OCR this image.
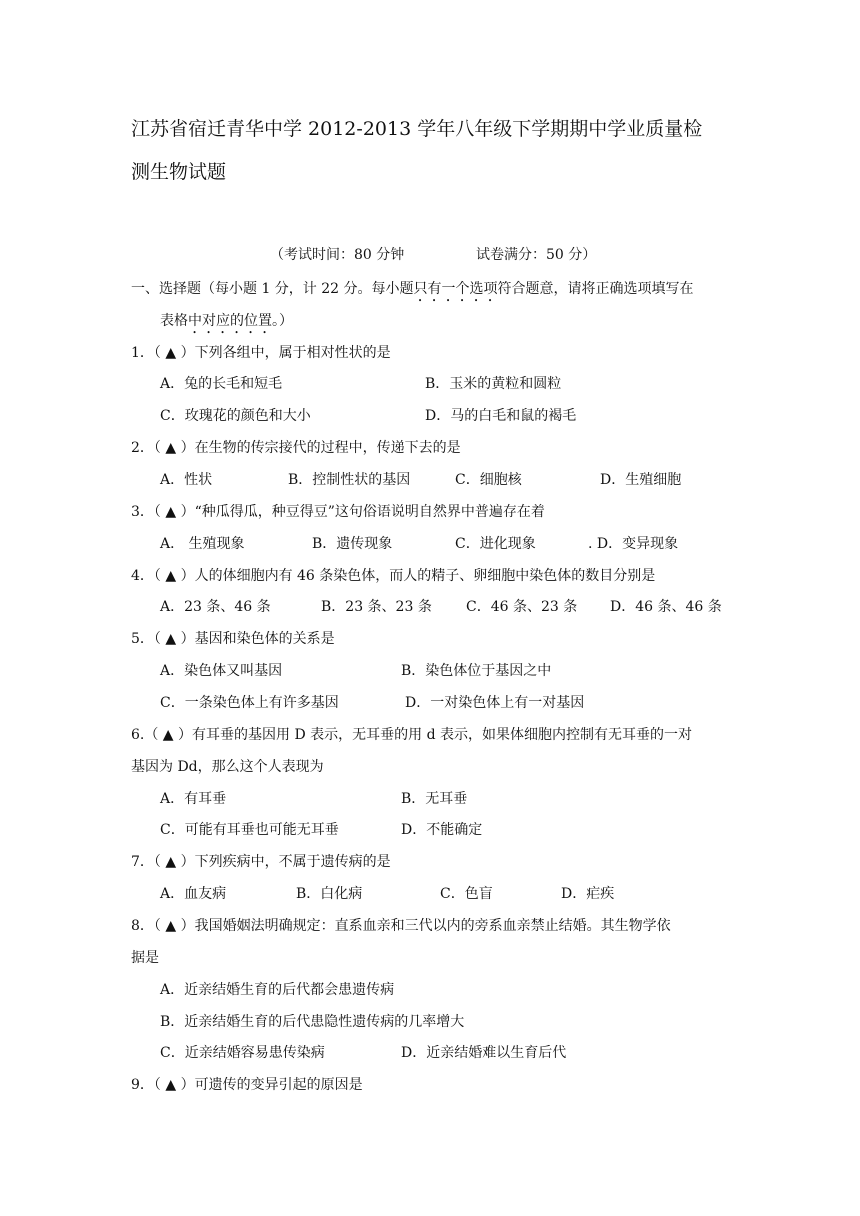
江苏省宿迁青华中学 2012-2013 学年八年级下学期期中学业质量检
测生物试题
（考试时间：80 分钟	试卷满分：50 分）
一、选择题（每小题 1 分，计 22 分。每小题只有一个选项符合题意，请将正确选项填写在
表格中对应的位置。）
1．（ ▲ ）下列各组中，属于相对性状的是
A．兔的长毛和短毛	B．玉米的黄粒和圆粒
C．玫瑰花的颜色和大小	D．马的白毛和鼠的褐毛
2．（ ▲ ）在生物的传宗接代的过程中，传递下去的是
A．性状	B．控制性状的基因	C．细胞核	D．生殖细胞
3．（ ▲ ）“种瓜得瓜，种豆得豆”这句俗语说明自然界中普遍存在着
A． 生殖现象	B．遗传现象	C．进化现象	. D．变异现象
4．（ ▲ ）人的体细胞内有 46 条染色体，而人的精子、卵细胞中染色体的数目分别是
A．23 条、46 条	B．23 条、23 条 C．46 条、23 条 D．46 条、46 条
5．（ ▲ ）基因和染色体的关系是
A．染色体又叫基因	B．染色体位于基因之中
C．一条染色体上有许多基因	D．一对染色体上有一对基因
6.（ ▲ ）有耳垂的基因用 D 表示，无耳垂的用 d 表示，如果体细胞内控制有无耳垂的一对
基因为 Dd，那么这个人表现为
A．有耳垂	B．无耳垂
C．可能有耳垂也可能无耳垂	D．不能确定
7．（ ▲ ）下列疾病中，不属于遗传病的是
A．血友病	B．白化病	C．色盲	D．疟疾
8．（ ▲ ）我国婚姻法明确规定：直系血亲和三代以内的旁系血亲禁止结婚。其生物学依
据是
A．近亲结婚生育的后代都会患遗传病
B．近亲结婚生育的后代患隐性遗传病的几率增大
C．近亲结婚容易患传染病	D．近亲结婚难以生育后代
9．（ ▲ ）可遗传的变异引起的原因是
